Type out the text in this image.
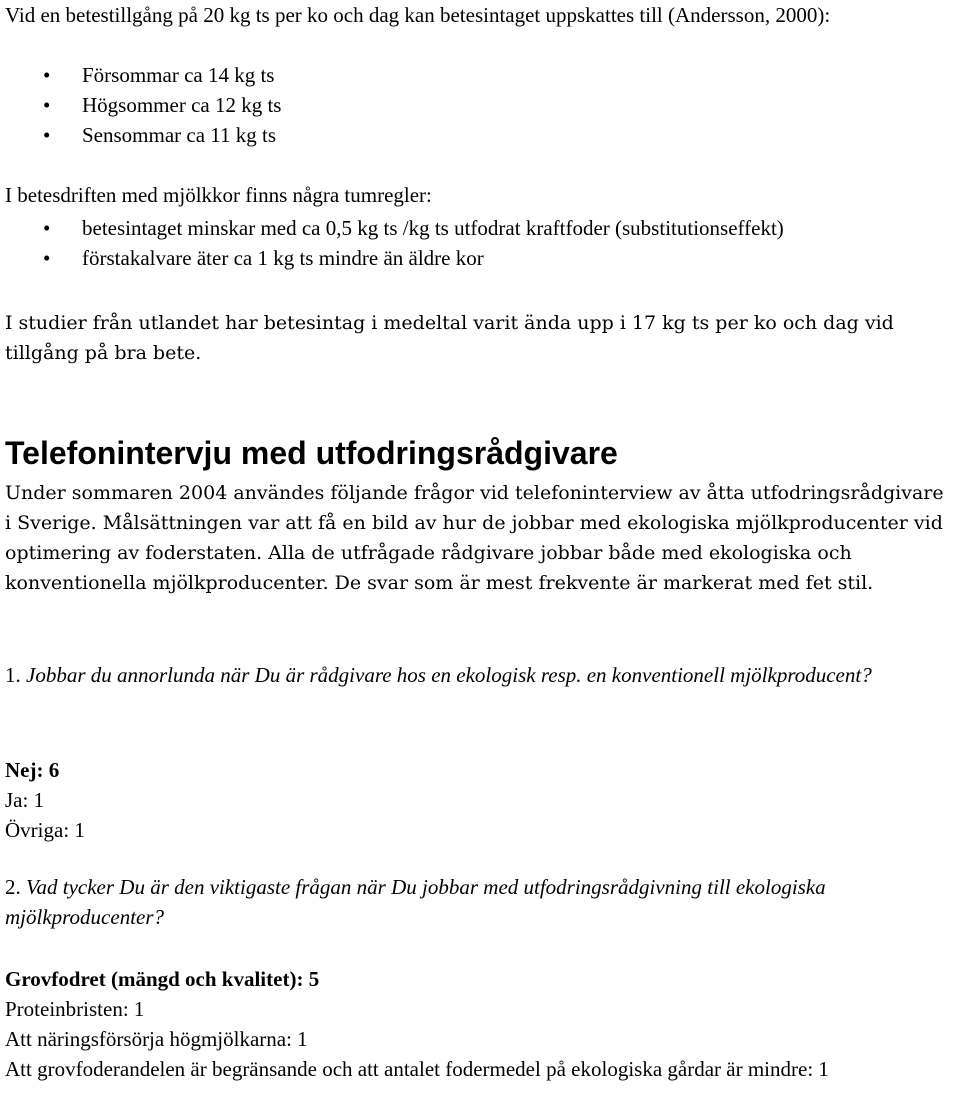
Vid en betestillgång på 20 kg ts per ko och dag kan betesintaget uppskattes till (Andersson, 2000):
• Försommar ca 14 kg ts
• Högsommer ca 12 kg ts
• Sensommar ca 11 kg ts
I betesdriften med mjölkkor finns några tumregler:
• betesintaget minskar med ca 0,5 kg ts /kg ts utfodrat kraftfoder (substitutionseffekt)
• förstakalvare äter ca 1 kg ts mindre än äldre kor
I studier från utlandet har betesintag i medeltal varit ända upp i 17 kg ts per ko och dag vid tillgång på bra bete.
Telefonintervju med utfodringsrådgivare
Under sommaren 2004 användes följande frågor vid telefoninterview av åtta utfodringsrådgivare i Sverige. Målsättningen var att få en bild av hur de jobbar med ekologiska mjölkproducenter vid optimering av foderstaten. Alla de utfrågade rådgivare jobbar både med ekologiska och konventionella mjölkproducenter. De svar som är mest frekvente är markerat med fet stil.
1. Jobbar du annorlunda när Du är rådgivare hos en ekologisk resp. en konventionell mjölkproducent?
Nej: 6
Ja: 1
Övriga: 1
2. Vad tycker Du är den viktigaste frågan när Du jobbar med utfodringsrådgivning till ekologiska mjölkproducenter?
Grovfodret (mängd och kvalitet): 5
Proteinbristen: 1
Att näringsförsörja högmjölkarna: 1
Att grovfoderandelen är begränsande och att antalet fodermedel på ekologiska gårdar är mindre: 1
